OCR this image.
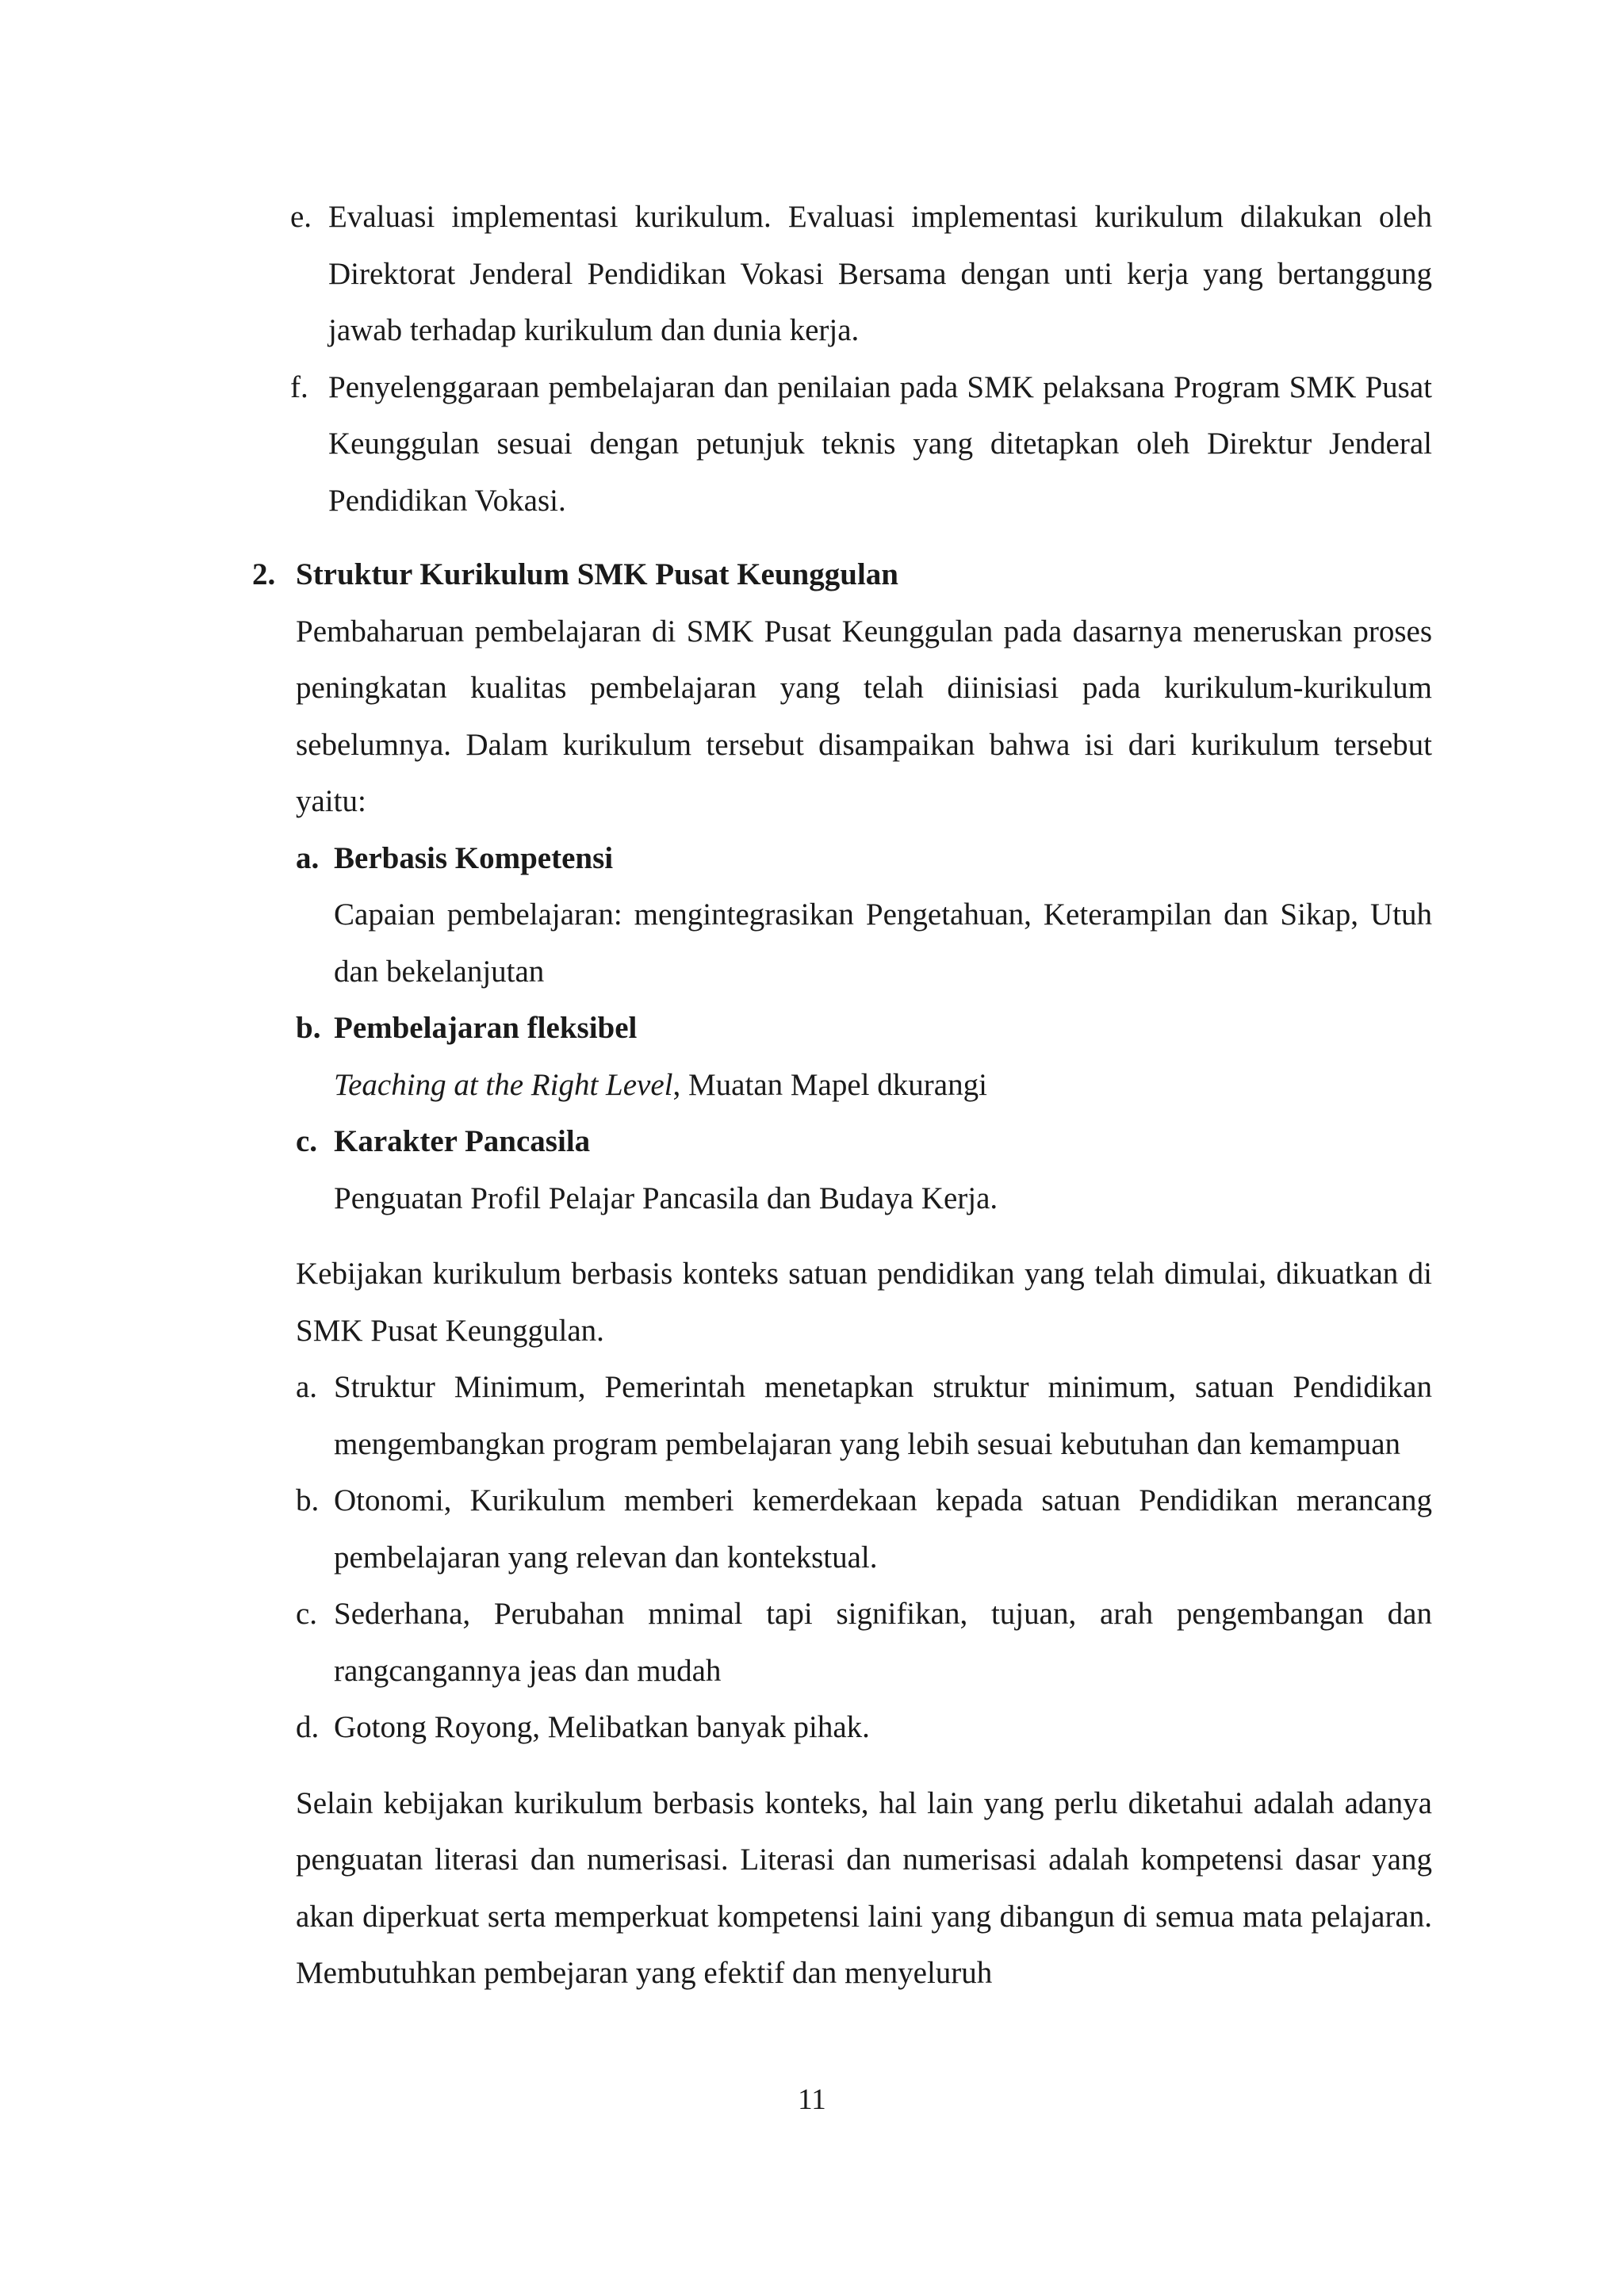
e. Evaluasi implementasi kurikulum. Evaluasi implementasi kurikulum dilakukan oleh Direktorat Jenderal Pendidikan Vokasi Bersama dengan unti kerja yang bertanggung jawab terhadap kurikulum dan dunia kerja.
f. Penyelenggaraan pembelajaran dan penilaian pada SMK pelaksana Program SMK Pusat Keunggulan sesuai dengan petunjuk teknis yang ditetapkan oleh Direktur Jenderal Pendidikan Vokasi.
2. Struktur Kurikulum SMK Pusat Keunggulan

Pembaharuan pembelajaran di SMK Pusat Keunggulan pada dasarnya meneruskan proses peningkatan kualitas pembelajaran yang telah diinisiasi pada kurikulum-kurikulum sebelumnya. Dalam kurikulum tersebut disampaikan bahwa isi dari kurikulum tersebut yaitu:

a. Berbasis Kompetensi

Capaian pembelajaran: mengintegrasikan Pengetahuan, Keterampilan dan Sikap, Utuh dan bekelanjutan

b. Pembelajaran fleksibel

Teaching at the Right Level, Muatan Mapel dkurangi

c. Karakter Pancasila

Penguatan Profil Pelajar Pancasila dan Budaya Kerja.

Kebijakan kurikulum berbasis konteks satuan pendidikan yang telah dimulai, dikuatkan di SMK Pusat Keunggulan.

a. Struktur Minimum, Pemerintah menetapkan struktur minimum, satuan Pendidikan mengembangkan program pembelajaran yang lebih sesuai kebutuhan dan kemampuan
b. Otonomi, Kurikulum memberi kemerdekaan kepada satuan Pendidikan merancang pembelajaran yang relevan dan kontekstual.
c. Sederhana, Perubahan mnimal tapi signifikan, tujuan, arah pengembangan dan rangcangannya jeas dan mudah
d. Gotong Royong, Melibatkan banyak pihak.

Selain kebijakan kurikulum berbasis konteks, hal lain yang perlu diketahui adalah adanya penguatan literasi dan numerisasi. Literasi dan numerisasi adalah kompetensi dasar yang akan diperkuat serta memperkuat kompetensi laini yang dibangun di semua mata pelajaran. Membutuhkan pembejaran yang efektif dan menyeluruh

11
